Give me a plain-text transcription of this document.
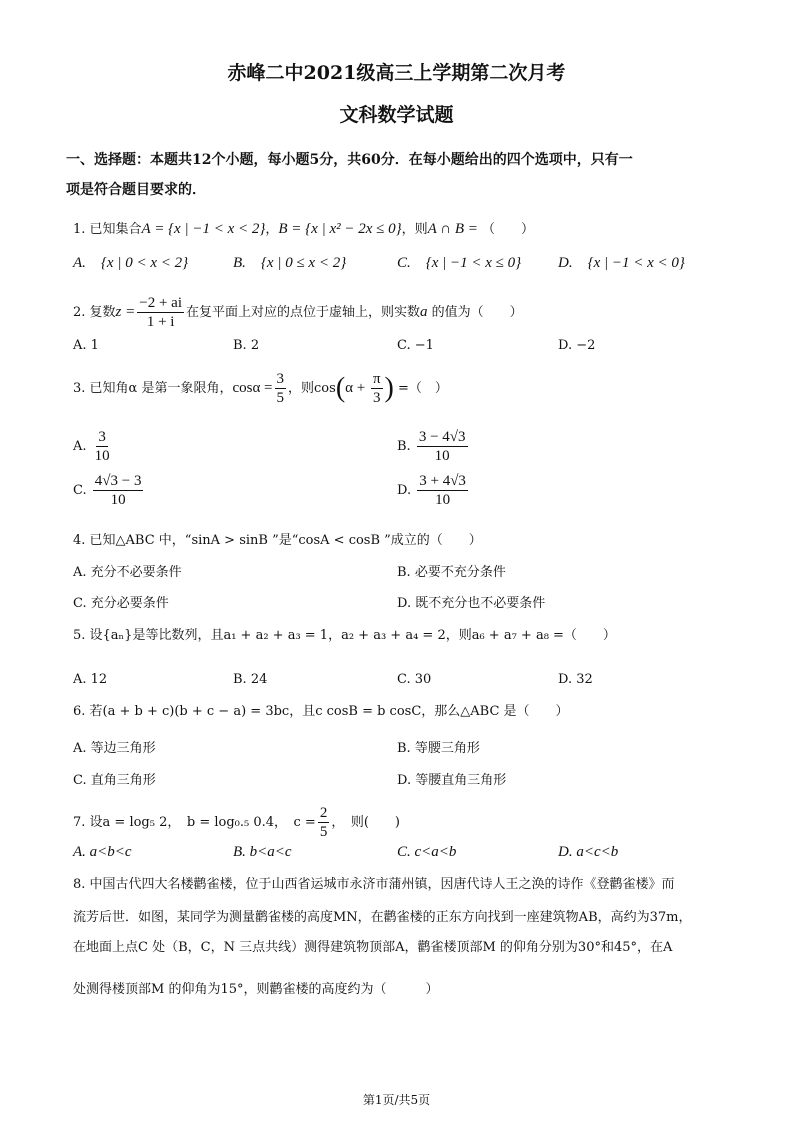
赤峰二中2021级高三上学期第二次月考
文科数学试题
一、选择题：本题共12个小题，每小题5分，共60分．在每小题给出的四个选项中，只有一
项是符合题目要求的．
1. 已知集合A = {x | −1 < x < 2}，B = {x | x² − 2x ≤ 0}，则A ∩ B = （　　）
A.　{x | 0 < x < 2}	B.　{x | 0 ≤ x < 2}	C.　{x | −1 < x ≤ 0} D.　{x | −1 < x < 0}
2. 复数$z = \frac{-2 + ai}{1 + i}$ 在复平面上对应的点位于虚轴上，则实数a 的值为（　　）
A. 1	B. 2	C. −1	D. −2
3. 已知角α 是第一象限角，$\cos\alpha = \frac{3}{5}$ ，则$\cos(\alpha + \frac{\pi}{3}$ ) =（　）
A. $\frac{3}{10}$	B. $\frac{3 - 4√3}{10}$
C. $\frac{4√3 - 3}{10}$	D. $\frac{3 + 4√3}{10}$
4. 已知△ABC 中，“sinA > sinB ”是“cosA < cosB ”成立的（　　）
A. 充分不必要条件	B. 必要不充分条件
C. 充分必要条件	D. 既不充分也不必要条件
5. 设{aₙ}是等比数列，且a₁ + a₂ + a₃ = 1，a₂ + a₃ + a₄ = 2，则a₆ + a₇ + a₈ =（　　）
A. 12	B. 24	C. 30	D. 32
6. 若(a + b + c)(b + c − a) = 3bc，且c cosB = b cosC，那么△ABC 是（　　）
A. 等边三角形	B. 等腰三角形
C. 直角三角形	D. 等腰直角三角形
7. 设a = log₅ 2，　b = log₀.₅ 0.4，　$c = \frac{2}{5}$ ，　则(　　)
A. a<b<c	B. b<a<c	C. c<a<b	D. a<c<b
8. 中国古代四大名楼鹳雀楼，位于山西省运城市永济市蒲州镇，因唐代诗人王之涣的诗作《登鹳雀楼》而
流芳后世．如图，某同学为测量鹳雀楼的高度MN，在鹳雀楼的正东方向找到一座建筑物AB，高约为37m，
在地面上点C 处（B，C，N 三点共线）测得建筑物顶部A，鹳雀楼顶部M 的仰角分别为30°和45°，在A
处测得楼顶部M 的仰角为15°，则鹳雀楼的高度约为（　　　）
第1页/共5页
